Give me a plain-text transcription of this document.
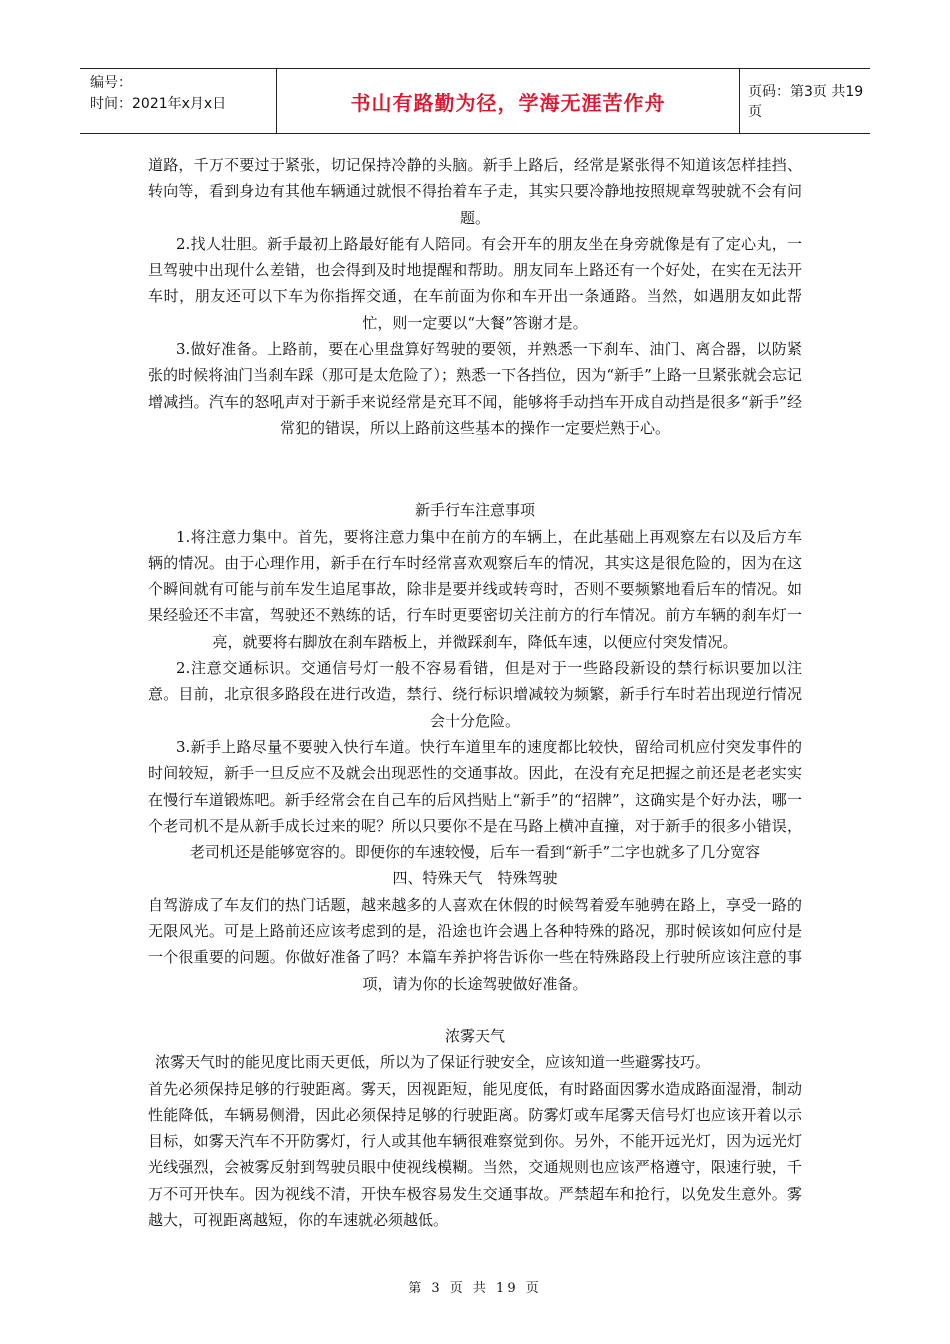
编号：
时间：2021年x月x日	书山有路勤为径，学海无涯苦作舟	页码：第3页 共19页

道路，千万不要过于紧张，切记保持冷静的头脑。新手上路后，经常是紧张得不知道该怎样挂挡、转向等，看到身边有其他车辆通过就恨不得抬着车子走，其实只要冷静地按照规章驾驶就不会有问题。

2.找人壮胆。新手最初上路最好能有人陪同。有会开车的朋友坐在身旁就像是有了定心丸，一旦驾驶中出现什么差错，也会得到及时地提醒和帮助。朋友同车上路还有一个好处，在实在无法开车时，朋友还可以下车为你指挥交通，在车前面为你和车开出一条通路。当然，如遇朋友如此帮忙，则一定要以“大餐”答谢才是。

3.做好准备。上路前，要在心里盘算好驾驶的要领，并熟悉一下刹车、油门、离合器，以防紧张的时候将油门当刹车踩（那可是太危险了）；熟悉一下各挡位，因为“新手”上路一旦紧张就会忘记增减挡。汽车的怒吼声对于新手来说经常是充耳不闻，能够将手动挡车开成自动挡是很多“新手”经常犯的错误，所以上路前这些基本的操作一定要烂熟于心。

新手行车注意事项

1.将注意力集中。首先，要将注意力集中在前方的车辆上，在此基础上再观察左右以及后方车辆的情况。由于心理作用，新手在行车时经常喜欢观察后车的情况，其实这是很危险的，因为在这个瞬间就有可能与前车发生追尾事故，除非是要并线或转弯时，否则不要频繁地看后车的情况。如果经验还不丰富，驾驶还不熟练的话，行车时更要密切关注前方的行车情况。前方车辆的刹车灯一亮，就要将右脚放在刹车踏板上，并微踩刹车，降低车速，以便应付突发情况。

2.注意交通标识。交通信号灯一般不容易看错，但是对于一些路段新设的禁行标识要加以注意。目前，北京很多路段在进行改造，禁行、绕行标识增减较为频繁，新手行车时若出现逆行情况会十分危险。

3.新手上路尽量不要驶入快行车道。快行车道里车的速度都比较快，留给司机应付突发事件的时间较短，新手一旦反应不及就会出现恶性的交通事故。因此，在没有充足把握之前还是老老实实在慢行车道锻炼吧。新手经常会在自己车的后风挡贴上“新手”的“招牌”，这确实是个好办法，哪一个老司机不是从新手成长过来的呢？所以只要你不是在马路上横冲直撞，对于新手的很多小错误，老司机还是能够宽容的。即便你的车速较慢，后车一看到“新手”二字也就多了几分宽容

四、特殊天气　特殊驾驶

自驾游成了车友们的热门话题，越来越多的人喜欢在休假的时候驾着爱车驰骋在路上，享受一路的无限风光。可是上路前还应该考虑到的是，沿途也许会遇上各种特殊的路况，那时候该如何应付是一个很重要的问题。你做好准备了吗？本篇车养护将告诉你一些在特殊路段上行驶所应该注意的事项，请为你的长途驾驶做好准备。

浓雾天气

浓雾天气时的能见度比雨天更低，所以为了保证行驶安全，应该知道一些避雾技巧。

首先必须保持足够的行驶距离。雾天，因视距短，能见度低，有时路面因雾水造成路面湿滑，制动性能降低，车辆易侧滑，因此必须保持足够的行驶距离。防雾灯或车尾雾天信号灯也应该开着以示目标，如雾天汽车不开防雾灯，行人或其他车辆很难察觉到你。另外，不能开远光灯，因为远光灯光线强烈，会被雾反射到驾驶员眼中使视线模糊。当然，交通规则也应该严格遵守，限速行驶，千万不可开快车。因为视线不清，开快车极容易发生交通事故。严禁超车和抢行，以免发生意外。雾越大，可视距离越短，你的车速就必须越低。

第 3 页 共 19 页
